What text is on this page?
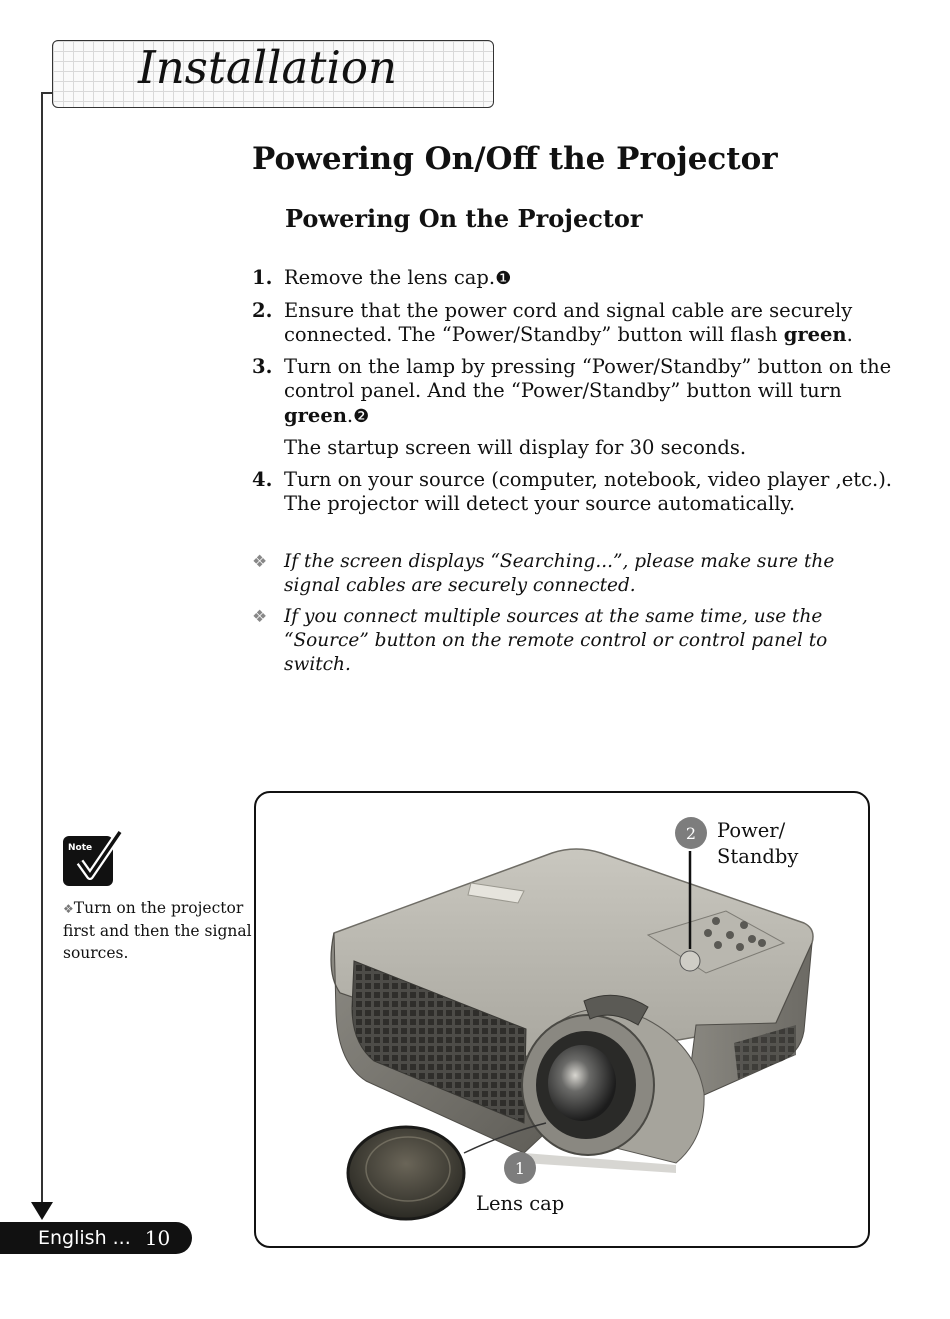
Installation
Powering On/Off the Projector
Powering On the Projector
1. Remove the lens cap.❶
2. Ensure that the power cord and signal cable are securely connected. The “Power/Standby” button will flash green.
3. Turn on the lamp by pressing “Power/Standby” button on the control panel. And the “Power/Standby” button will turn green.❷
The startup screen will display for 30 seconds.
4. Turn on your source (computer, notebook, video player ,etc.). The projector will detect your source automatically.
❖ If the screen displays “Searching...”, please make sure the signal cables are securely connected.
❖ If you connect multiple sources at the same time, use the “Source” button on the remote control or control panel to switch.
Note
❖Turn on the projector first and then the signal sources.
2	Power/
Standby
1
Lens cap
English ... 10
